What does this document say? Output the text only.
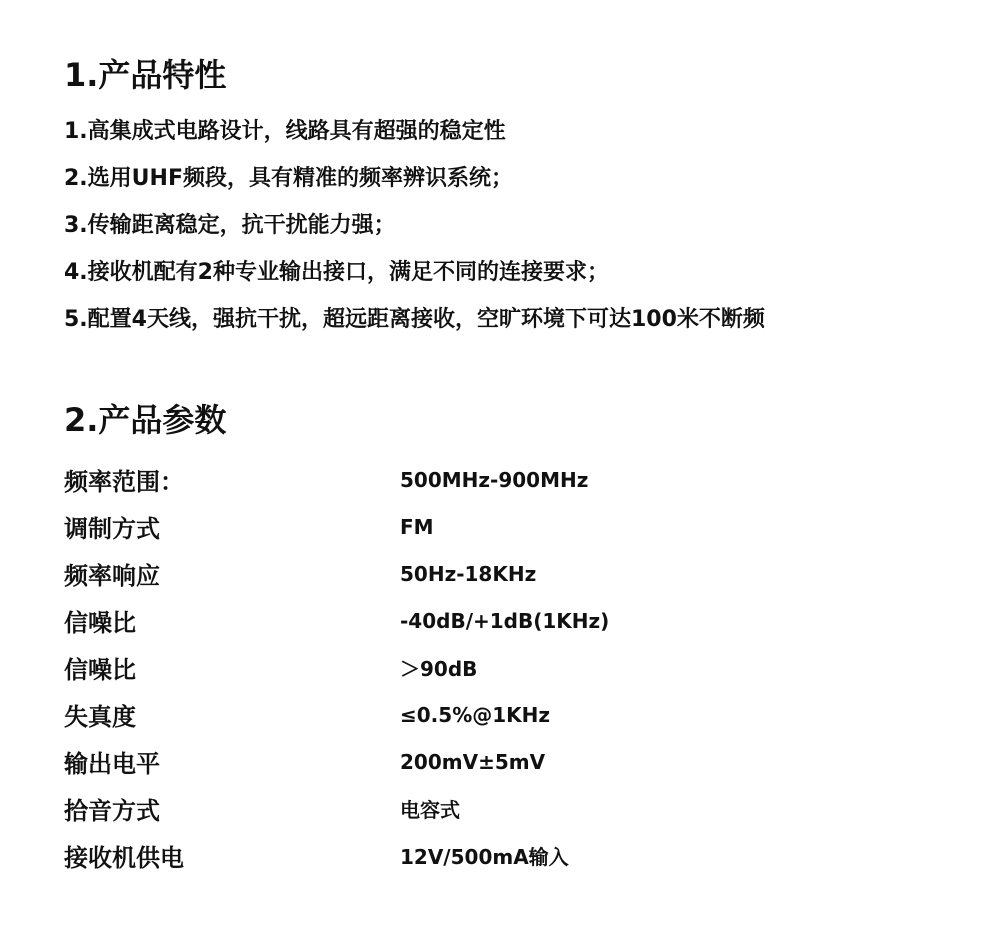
1.产品特性
1.高集成式电路设计，线路具有超强的稳定性
2.选用UHF频段，具有精准的频率辨识系统；
3.传输距离稳定，抗干扰能力强；
4.接收机配有2种专业输出接口，满足不同的连接要求；
5.配置4天线，强抗干扰，超远距离接收，空旷环境下可达100米不断频
2.产品参数
频率范围：	500MHz-900MHz
调制方式	FM
频率响应	50Hz-18KHz
信噪比	-40dB/+1dB(1KHz)
信噪比	＞90dB
失真度	≤0.5%@1KHz
输出电平	200mV±5mV
拾音方式	电容式
接收机供电	12V/500mA输入
